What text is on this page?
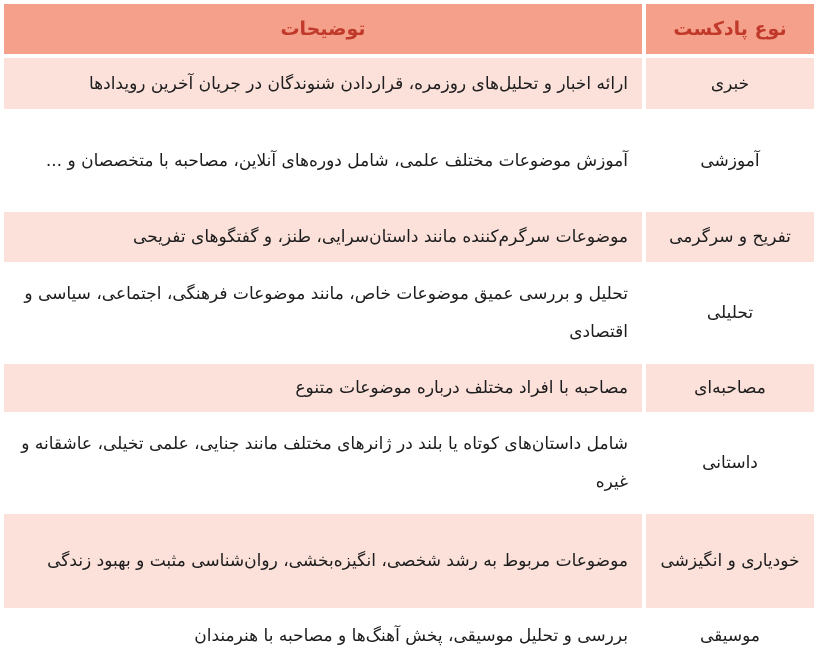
نوع پادکست	توضیحات
خبری	ارائه اخبار و تحلیل‌های روزمره، قراردادن شنوندگان در جریان آخرین رویدادها
آموزشی	آموزش موضوعات مختلف علمی، شامل دوره‌های آنلاین، مصاحبه با متخصصان و ...
تفریح و سرگرمی	موضوعات سرگرم‌کننده مانند داستان‌سرایی، طنز، و گفتگوهای تفریحی
تحلیلی	تحلیل و بررسی عمیق موضوعات خاص، مانند موضوعات فرهنگی، اجتماعی، سیاسی و اقتصادی
مصاحبه‌ای	مصاحبه با افراد مختلف درباره موضوعات متنوع
داستانی	شامل داستان‌های کوتاه یا بلند در ژانرهای مختلف مانند جنایی، علمی تخیلی، عاشقانه و غیره
خودیاری و انگیزشی	موضوعات مربوط به رشد شخصی، انگیزه‌بخشی، روان‌شناسی مثبت و بهبود زندگی
موسیقی	بررسی و تحلیل موسیقی، پخش آهنگ‌ها و مصاحبه با هنرمندان
